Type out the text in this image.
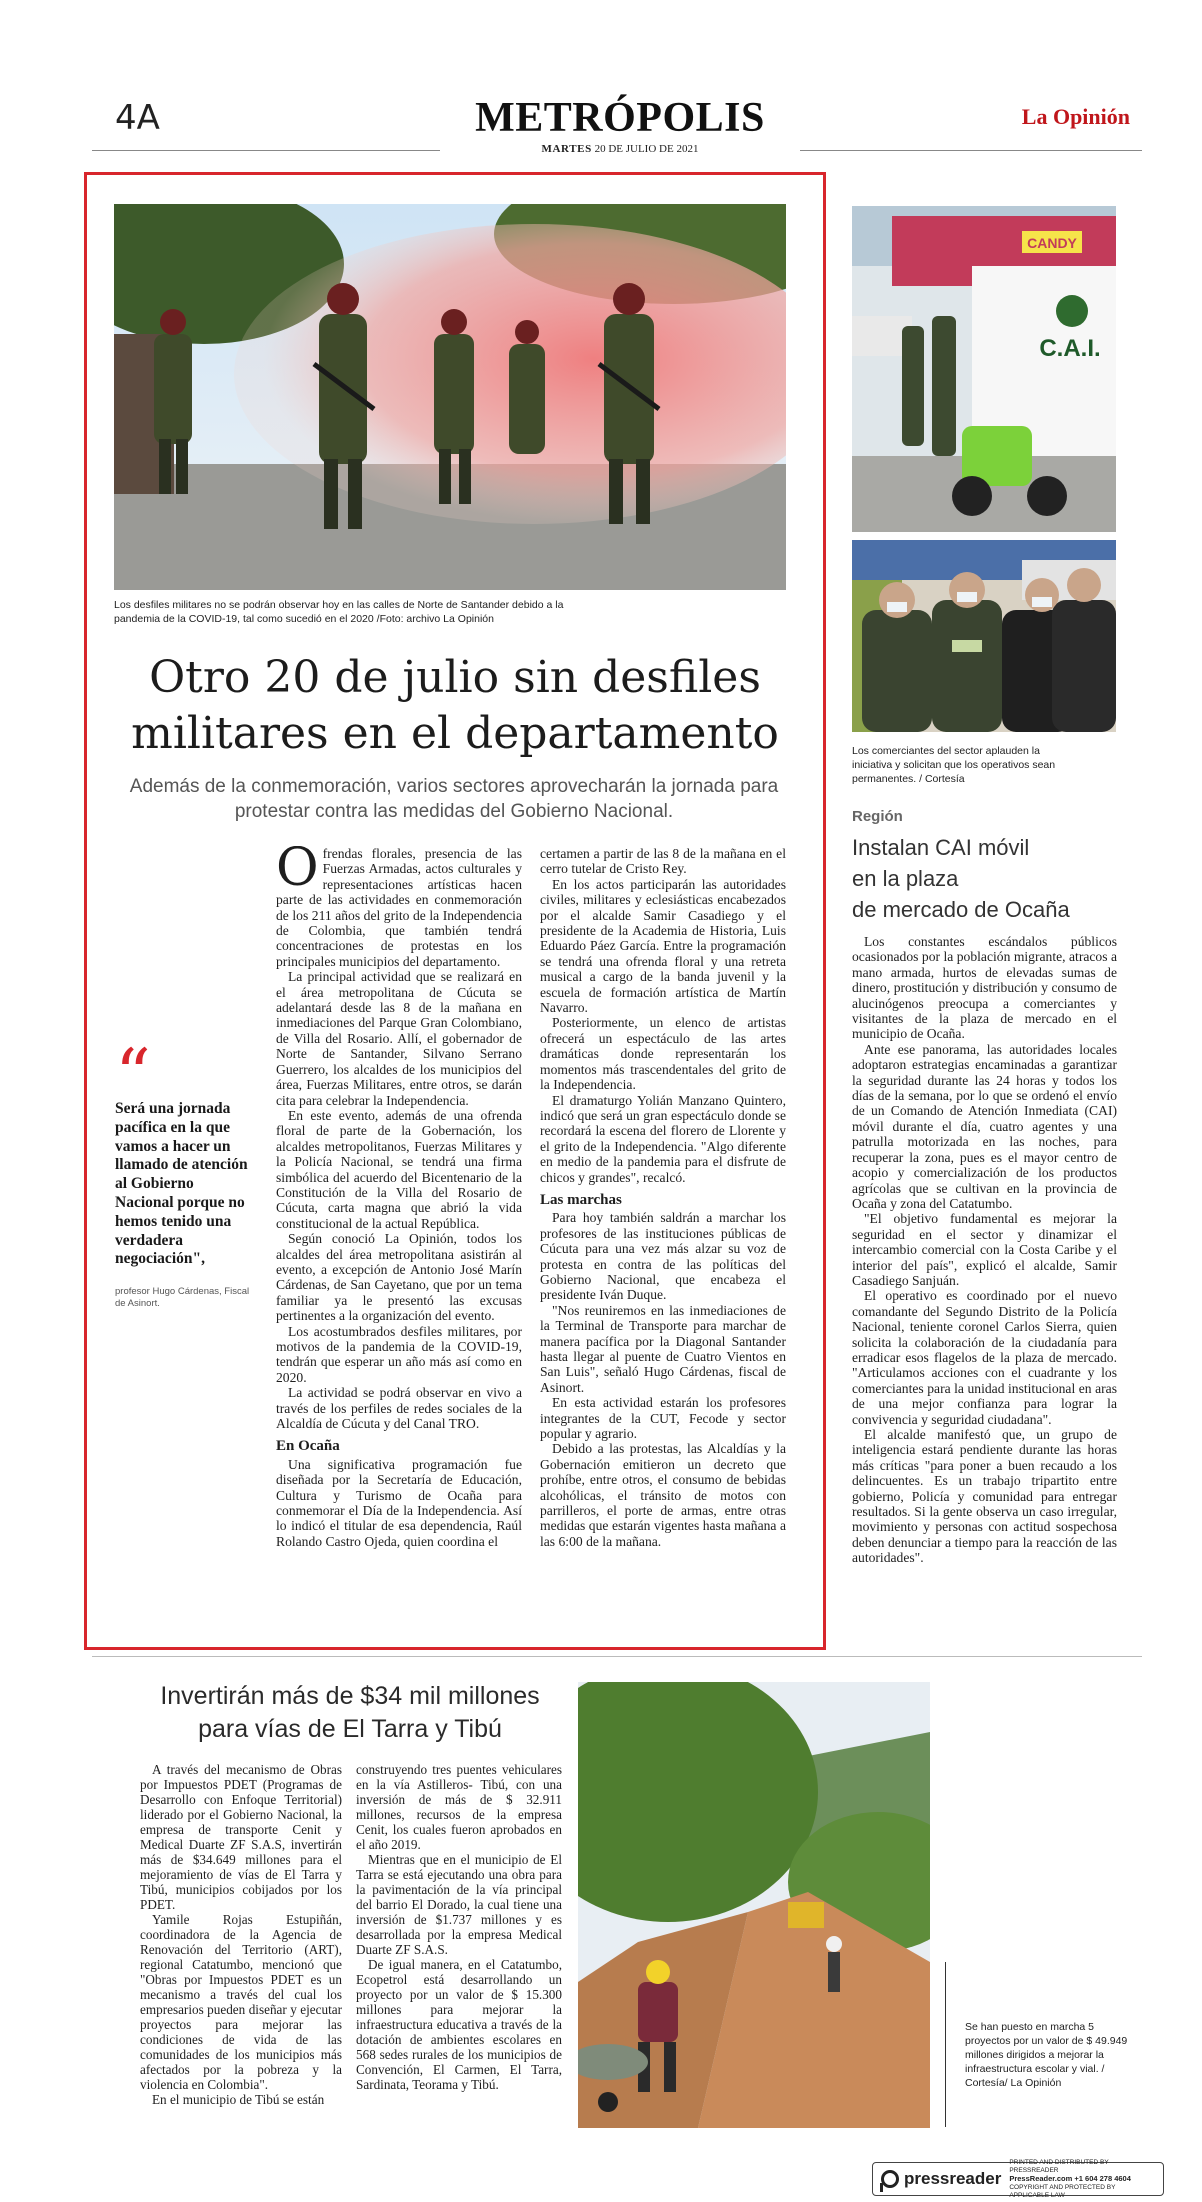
4A	METRÓPOLIS	La Opinión
MARTES 20 DE JULIO DE 2021
Los desfiles militares no se podrán observar hoy en las calles de Norte de Santander debido a la pandemia de la COVID-19, tal como sucedió en el 2020 /Foto: archivo La Opinión
Otro 20 de julio sin desfiles
militares en el departamento
Además de la conmemoración, varios sectores aprovecharán la jornada para protestar contra las medidas del Gobierno Nacional.
“
Será una jornada pacífica en la que vamos a hacer un llamado de atención al Gobierno Nacional porque no hemos tenido una verdadera negociación",
profesor Hugo Cárdenas, Fiscal de Asinort.

Ofrendas florales, presencia de las Fuerzas Armadas, actos culturales y representaciones artísticas hacen parte de las actividades en conmemoración de los 211 años del grito de la Independencia de Colombia, que también tendrá concentraciones de protestas en los principales municipios del departamento.

La principal actividad que se realizará en el área metropolitana de Cúcuta se adelantará desde las 8 de la mañana en inmediaciones del Parque Gran Colombiano, de Villa del Rosario. Allí, el gobernador de Norte de Santander, Silvano Serrano Guerrero, los alcaldes de los municipios del área, Fuerzas Militares, entre otros, se darán cita para celebrar la Independencia.

En este evento, además de una ofrenda floral de parte de la Gobernación, los alcaldes metropolitanos, Fuerzas Militares y la Policía Nacional, se tendrá una firma simbólica del acuerdo del Bicentenario de la Constitución de la Villa del Rosario de Cúcuta, carta magna que abrió la vida constitucional de la actual República.

Según conoció La Opinión, todos los alcaldes del área metropolitana asistirán al evento, a excepción de Antonio José Marín Cárdenas, de San Cayetano, que por un tema familiar ya le presentó las excusas pertinentes a la organización del evento.

Los acostumbrados desfiles militares, por motivos de la pandemia de la COVID-19, tendrán que esperar un año más así como en 2020.

La actividad se podrá observar en vivo a través de los perfiles de redes sociales de la Alcaldía de Cúcuta y del Canal TRO.

En Ocaña

Una significativa programación fue diseñada por la Secretaría de Educación, Cultura y Turismo de Ocaña para conmemorar el Día de la Independencia. Así lo indicó el titular de esa dependencia, Raúl Rolando Castro Ojeda, quien coordina el

certamen a partir de las 8 de la mañana en el cerro tutelar de Cristo Rey.

En los actos participarán las autoridades civiles, militares y eclesiásticas encabezados por el alcalde Samir Casadiego y el presidente de la Academia de Historia, Luis Eduardo Páez García. Entre la programación se tendrá una ofrenda floral y una retreta musical a cargo de la banda juvenil y la escuela de formación artística de Martín Navarro.

Posteriormente, un elenco de artistas ofrecerá un espectáculo de las artes dramáticas donde representarán los momentos más trascendentales del grito de la Independencia.

El dramaturgo Yolián Manzano Quintero, indicó que será un gran espectáculo donde se recordará la escena del florero de Llorente y el grito de la Independencia. "Algo diferente en medio de la pandemia para el disfrute de chicos y grandes", recalcó.

Las marchas

Para hoy también saldrán a marchar los profesores de las instituciones públicas de Cúcuta para una vez más alzar su voz de protesta en contra de las políticas del Gobierno Nacional, que encabeza el presidente Iván Duque.

"Nos reuniremos en las inmediaciones de la Terminal de Transporte para marchar de manera pacífica por la Diagonal Santander hasta llegar al puente de Cuatro Vientos en San Luis", señaló Hugo Cárdenas, fiscal de Asinort.

En esta actividad estarán los profesores integrantes de la CUT, Fecode y sector popular y agrario.

Debido a las protestas, las Alcaldías y la Gobernación emitieron un decreto que prohíbe, entre otros, el consumo de bebidas alcohólicas, el tránsito de motos con parrilleros, el porte de armas, entre otras medidas que estarán vigentes hasta mañana a las 6:00 de la mañana.

CANDY
C.A.I.
Los comerciantes del sector aplauden la iniciativa y solicitan que los operativos sean permanentes. / Cortesía
Región
Instalan CAI móvil
en la plaza
de mercado de Ocaña

Los constantes escándalos públicos ocasionados por la población migrante, atracos a mano armada, hurtos de elevadas sumas de dinero, prostitución y distribución y consumo de alucinógenos preocupa a comerciantes y visitantes de la plaza de mercado en el municipio de Ocaña.

Ante ese panorama, las autoridades locales adoptaron estrategias encaminadas a garantizar la seguridad durante las 24 horas y todos los días de la semana, por lo que se ordenó el envío de un Comando de Atención Inmediata (CAI) móvil durante el día, cuatro agentes y una patrulla motorizada en las noches, para recuperar la zona, pues es el mayor centro de acopio y comercialización de los productos agrícolas que se cultivan en la provincia de Ocaña y zona del Catatumbo.

"El objetivo fundamental es mejorar la seguridad en el sector y dinamizar el intercambio comercial con la Costa Caribe y el interior del país", explicó el alcalde, Samir Casadiego Sanjuán.

El operativo es coordinado por el nuevo comandante del Segundo Distrito de la Policía Nacional, teniente coronel Carlos Sierra, quien solicita la colaboración de la ciudadanía para erradicar esos flagelos de la plaza de mercado. "Articulamos acciones con el cuadrante y los comerciantes para la unidad institucional en aras de una mejor confianza para lograr la convivencia y seguridad ciudadana".

El alcalde manifestó que, un grupo de inteligencia estará pendiente durante las horas más críticas "para poner a buen recaudo a los delincuentes. Es un trabajo tripartito entre gobierno, Policía y comunidad para entregar resultados. Si la gente observa un caso irregular, movimiento y personas con actitud sospechosa deben denunciar a tiempo para la reacción de las autoridades".

Invertirán más de $34 mil millones
para vías de El Tarra y Tibú

A través del mecanismo de Obras por Impuestos PDET (Programas de Desarrollo con Enfoque Territorial) liderado por el Gobierno Nacional, la empresa de transporte Cenit y Medical Duarte ZF S.A.S, invertirán más de $34.649 millones para el mejoramiento de vías de El Tarra y Tibú, municipios cobijados por los PDET.

Yamile Rojas Estupiñán, coordinadora de la Agencia de Renovación del Territorio (ART), regional Catatumbo, mencionó que "Obras por Impuestos PDET es un mecanismo a través del cual los empresarios pueden diseñar y ejecutar proyectos para mejorar las condiciones de vida de las comunidades de los municipios más afectados por la pobreza y la violencia en Colombia".

En el municipio de Tibú se están

construyendo tres puentes vehiculares en la vía Astilleros- Tibú, con una inversión de más de $ 32.911 millones, recursos de la empresa Cenit, los cuales fueron aprobados en el año 2019.

Mientras que en el municipio de El Tarra se está ejecutando una obra para la pavimentación de la vía principal del barrio El Dorado, la cual tiene una inversión de $1.737 millones y es desarrollada por la empresa Medical Duarte ZF S.A.S.

De igual manera, en el Catatumbo, Ecopetrol está desarrollando un proyecto por un valor de $ 15.300 millones para mejorar la infraestructura educativa a través de la dotación de ambientes escolares en 568 sedes rurales de los municipios de Convención, El Carmen, El Tarra, Sardinata, Teorama y Tibú.

Se han puesto en marcha 5 proyectos por un valor de $ 49.949 millones dirigidos a mejorar la infraestructura escolar y vial. / Cortesía/ La Opinión
pressreader
PRINTED AND DISTRIBUTED BY PRESSREADER
PressReader.com +1 604 278 4604
COPYRIGHT AND PROTECTED BY APPLICABLE LAW
